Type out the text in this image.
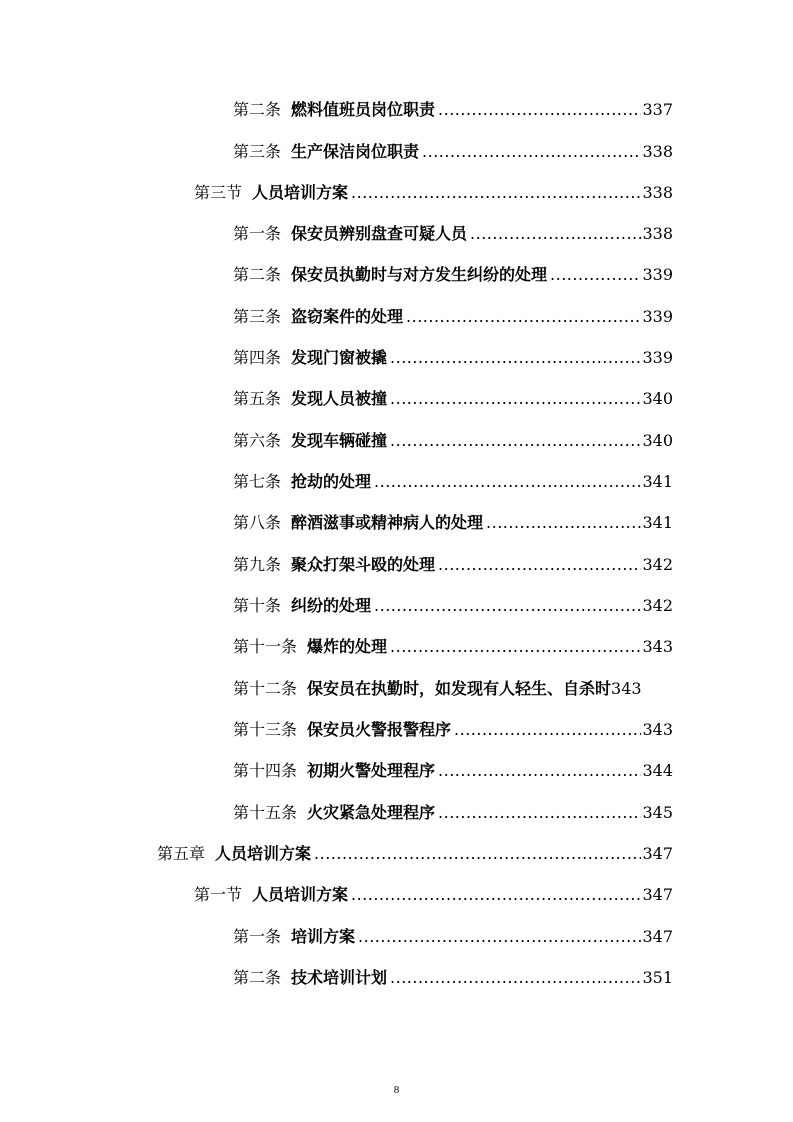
第二条 燃料值班员岗位职责 .....	337
第三条 生产保洁岗位职责 .....	338
第三节 人员培训方案 .....	338
第一条 保安员辨别盘查可疑人员 .....	338
第二条 保安员执勤时与对方发生纠纷的处理 .....	339
第三条 盗窃案件的处理 .....	339
第四条 发现门窗被撬 .....	339
第五条 发现人员被撞 .....	340
第六条 发现车辆碰撞 .....	340
第七条 抢劫的处理 .....	341
第八条 醉酒滋事或精神病人的处理 .....	341
第九条 聚众打架斗殴的处理 .....	342
第十条 纠纷的处理 .....	342
第十一条 爆炸的处理 .....	343
第十二条 保安员在执勤时，如发现有人轻生、自杀时 343
第十三条 保安员火警报警程序 .....	343
第十四条 初期火警处理程序 .....	344
第十五条 火灾紧急处理程序 .....	345
第五章 人员培训方案 .....	347
第一节 人员培训方案 .....	347
第一条 培训方案 .....	347
第二条 技术培训计划 .....	351
8
